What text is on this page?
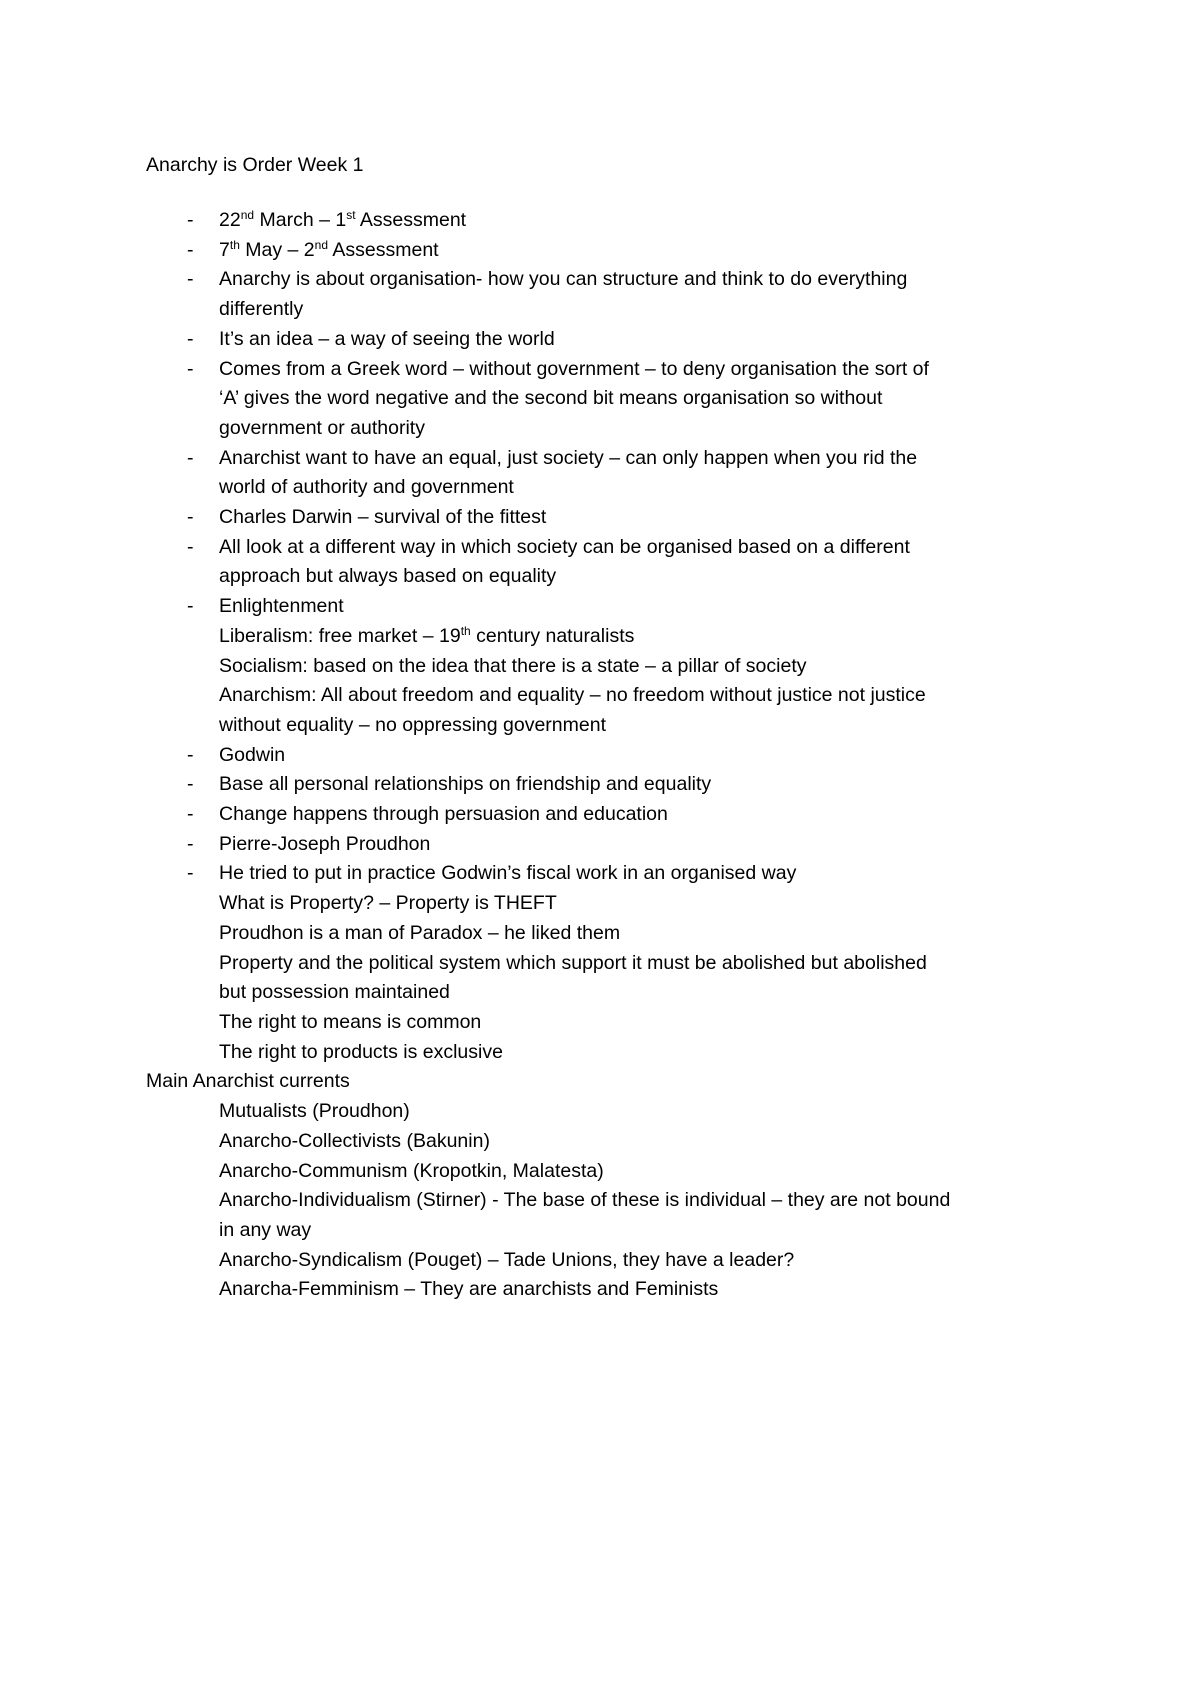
Anarchy is Order Week 1
- 22nd March – 1st Assessment
- 7th May – 2nd Assessment
- Anarchy is about organisation- how you can structure and think to do everything
differently
- It’s an idea – a way of seeing the world
- Comes from a Greek word – without government – to deny organisation the sort of
‘A’ gives the word negative and the second bit means organisation so without
government or authority
- Anarchist want to have an equal, just society – can only happen when you rid the
world of authority and government
- Charles Darwin – survival of the fittest
- All look at a different way in which society can be organised based on a different
approach but always based on equality
- Enlightenment
Liberalism: free market – 19th century naturalists
Socialism: based on the idea that there is a state – a pillar of society
Anarchism: All about freedom and equality – no freedom without justice not justice
without equality – no oppressing government
- Godwin
- Base all personal relationships on friendship and equality
- Change happens through persuasion and education
- Pierre-Joseph Proudhon
- He tried to put in practice Godwin’s fiscal work in an organised way
What is Property? – Property is THEFT
Proudhon is a man of Paradox – he liked them
Property and the political system which support it must be abolished but abolished
but possession maintained
The right to means is common
The right to products is exclusive
Main Anarchist currents
Mutualists (Proudhon)
Anarcho-Collectivists (Bakunin)
Anarcho-Communism (Kropotkin, Malatesta)
Anarcho-Individualism (Stirner) - The base of these is individual – they are not bound
in any way
Anarcho-Syndicalism (Pouget) – Tade Unions, they have a leader?
Anarcha-Femminism – They are anarchists and Feminists
